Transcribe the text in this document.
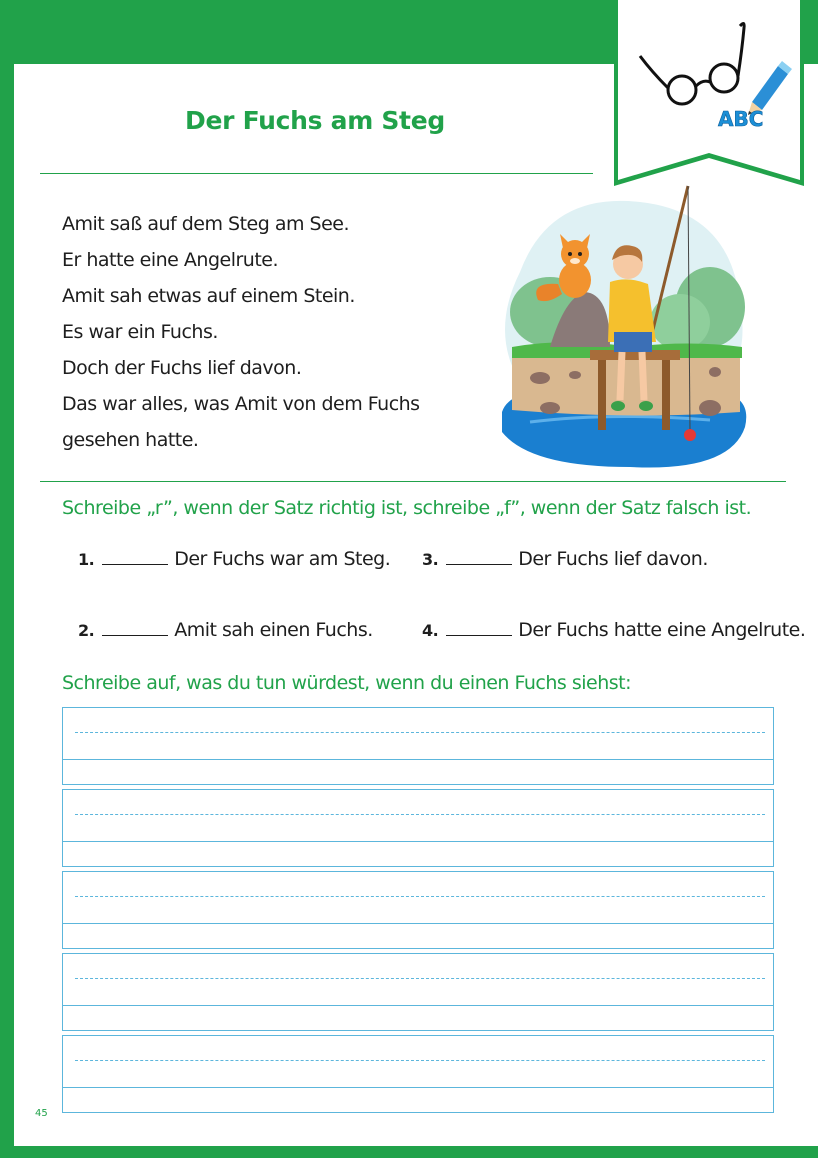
ABC
Der Fuchs am Steg
Amit saß auf dem Steg am See.
Er hatte eine Angelrute.
Amit sah etwas auf einem Stein.
Es war ein Fuchs.
Doch der Fuchs lief davon.
Das war alles, was Amit von dem Fuchs
gesehen hatte.

Schreibe „r”, wenn der Satz richtig ist, schreibe „f”, wenn der Satz falsch ist.

1.	Der Fuchs war am Steg. 3.	Der Fuchs lief davon.
2.	Amit sah einen Fuchs.	4.	Der Fuchs hatte eine Angelrute.

Schreibe auf, was du tun würdest, wenn du einen Fuchs siehst:

45
